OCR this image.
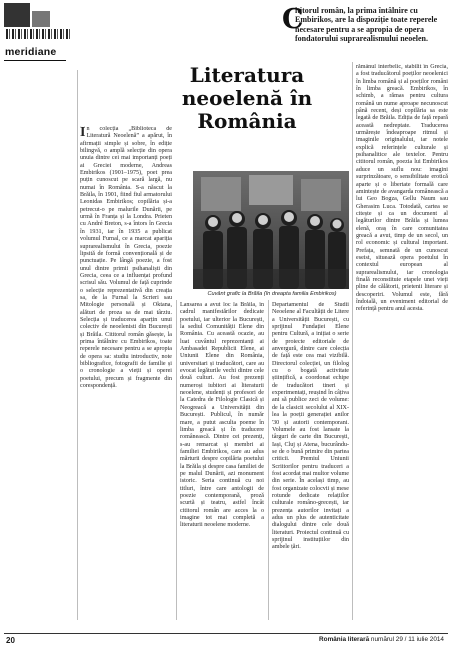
meridiane
C
ititorul român, la prima întâlnire cu Embirikos, are la dispoziție toate reperele necesare pentru a se apropia de opera fondatorului suprarealismului neoelen.
Literatura neoelenă în România

În colecția „Biblioteca de Literatură Neoelenă” a apărut, în afirmații simple și sobre, în ediție bilingvă, o amplă selecție din opera unuia dintre cei mai importanți poeți ai Greciei moderne, Andreas Embirikos (1901–1975), poet prea puțin cunoscut pe scară largă, nu numai în România. S-a născut la Brăila, în 1901, fiind fiul armatorului Leonidas Embirikos; copilăria și-a petrecut-o pe malurile Dunării, pe urmă în Franța și la Londra. Prieten cu André Breton, s-a întors în Grecia în 1931, iar în 1935 a publicat volumul Furnal, ce a marcat apariția suprarealismului în Grecia, poezie lipsită de formă convențională și de punctuație. Pe lângă poezie, a fost unul dintre primii psihanaliști din Grecia, ceea ce a influențat profund scrisul său. Volumul de față cuprinde o selecție reprezentativă din creația sa, de la Furnal la Scrieri sau Mitologie personală și Oktana, alături de proza sa de mai târziu. Selecția și traducerea aparțin unui colectiv de neoelenisti din București și Brăila. Cititorul român găsește, la prima întâlnire cu Embirikos, toate reperele necesare pentru a se apropia de opera sa: studiu introductiv, note bibliografice, fotografii de familie și o cronologie a vieții și operei poetului, precum și fragmente din corespondență.

Cuvânt grafic la Brăila (în dreapta familia Embirikos)

Lansarea a avut loc la Brăila, în cadrul manifestărilor dedicate poetului, iar ulterior la București, la sediul Comunității Elene din România. Cu această ocazie, au luat cuvântul reprezentanți ai Ambasadei Republicii Elene, ai Uniunii Elene din România, universitari și traducători, care au evocat legăturile vechi dintre cele două culturi. Au fost prezenți numeroși iubitori ai literaturii neoelene, studenți și profesori de la Catedra de Filologie Clasică și Neogreacă a Universității din București. Publicul, în număr mare, a putut asculta poeme în limba greacă și în traducere românească. Dintre cei prezenți, s-au remarcat și membri ai familiei Embirikos, care au adus mărturii despre copilăria poetului la Brăila și despre casa familiei de pe malul Dunării, azi monument istoric. Seria continuă cu noi titluri, între care antologii de poezie contemporană, proză scurtă și teatru, astfel încât cititorul român are acces la o imagine tot mai completă a literaturii neoelene moderne.

Departamentul de Studii Neoelene al Facultății de Litere a Universității București, cu sprijinul Fundației Elene pentru Cultură, a inițiat o serie de proiecte editoriale de anvergură, dintre care colecția de față este cea mai vizibilă. Directorul colecției, un filolog cu o bogată activitate științifică, a coordonat echipe de traducători tineri și experimentați, reușind în câțiva ani să publice zeci de volume: de la clasicii secolului al XIX-lea la poeții generației anilor '30 și autorii contemporani. Volumele au fost lansate la târguri de carte din București, Iași, Cluj și Atena, bucurându-se de o bună primire din partea criticii. Premiul Uniunii Scriitorilor pentru traduceri a fost acordat mai multor volume din serie. În același timp, au fost organizate colocvii și mese rotunde dedicate relațiilor culturale româno-grecești, iar prezența autorilor invitați a adus un plus de autenticitate dialogului dintre cele două literaturi. Proiectul continuă cu sprijinul instituțiilor din ambele țări.

rămânul interbelic, stabilit în Grecia, a fost traducătorul poeților neoelenici în limba română și al poeților români în limba greacă. Embirikos, în schimb, a rămas pentru cultura română un nume aproape necunoscut până recent, deși copilăria sa este legată de Brăila. Ediția de față repară această nedreptate. Traducerea urmărește îndeaproape ritmul și imaginile originalului, iar notele explică referințele culturale și psihanalitice ale textelor. Pentru cititorul român, poezia lui Embirikos aduce un suflu nou: imagini surprinzătoare, o sensibilitate erotică aparte și o libertate formală care amintește de avangarda românească a lui Geo Bogza, Gellu Naum sau Gherasim Luca. Totodată, cartea se citește și ca un document al legăturilor dintre Brăila și lumea elenă, oraș în care comunitatea greacă a avut, timp de un secol, un rol economic și cultural important. Prefața, semnată de un cunoscut eseist, situează opera poetului în contextul european al suprarealismului, iar cronologia finală reconstituie etapele unei vieți pline de călătorii, prietenii literare și descoperiri. Volumul este, fără îndoială, un eveniment editorial de referință pentru anul acesta.

20	România literară numărul 29 / 11 iulie 2014
